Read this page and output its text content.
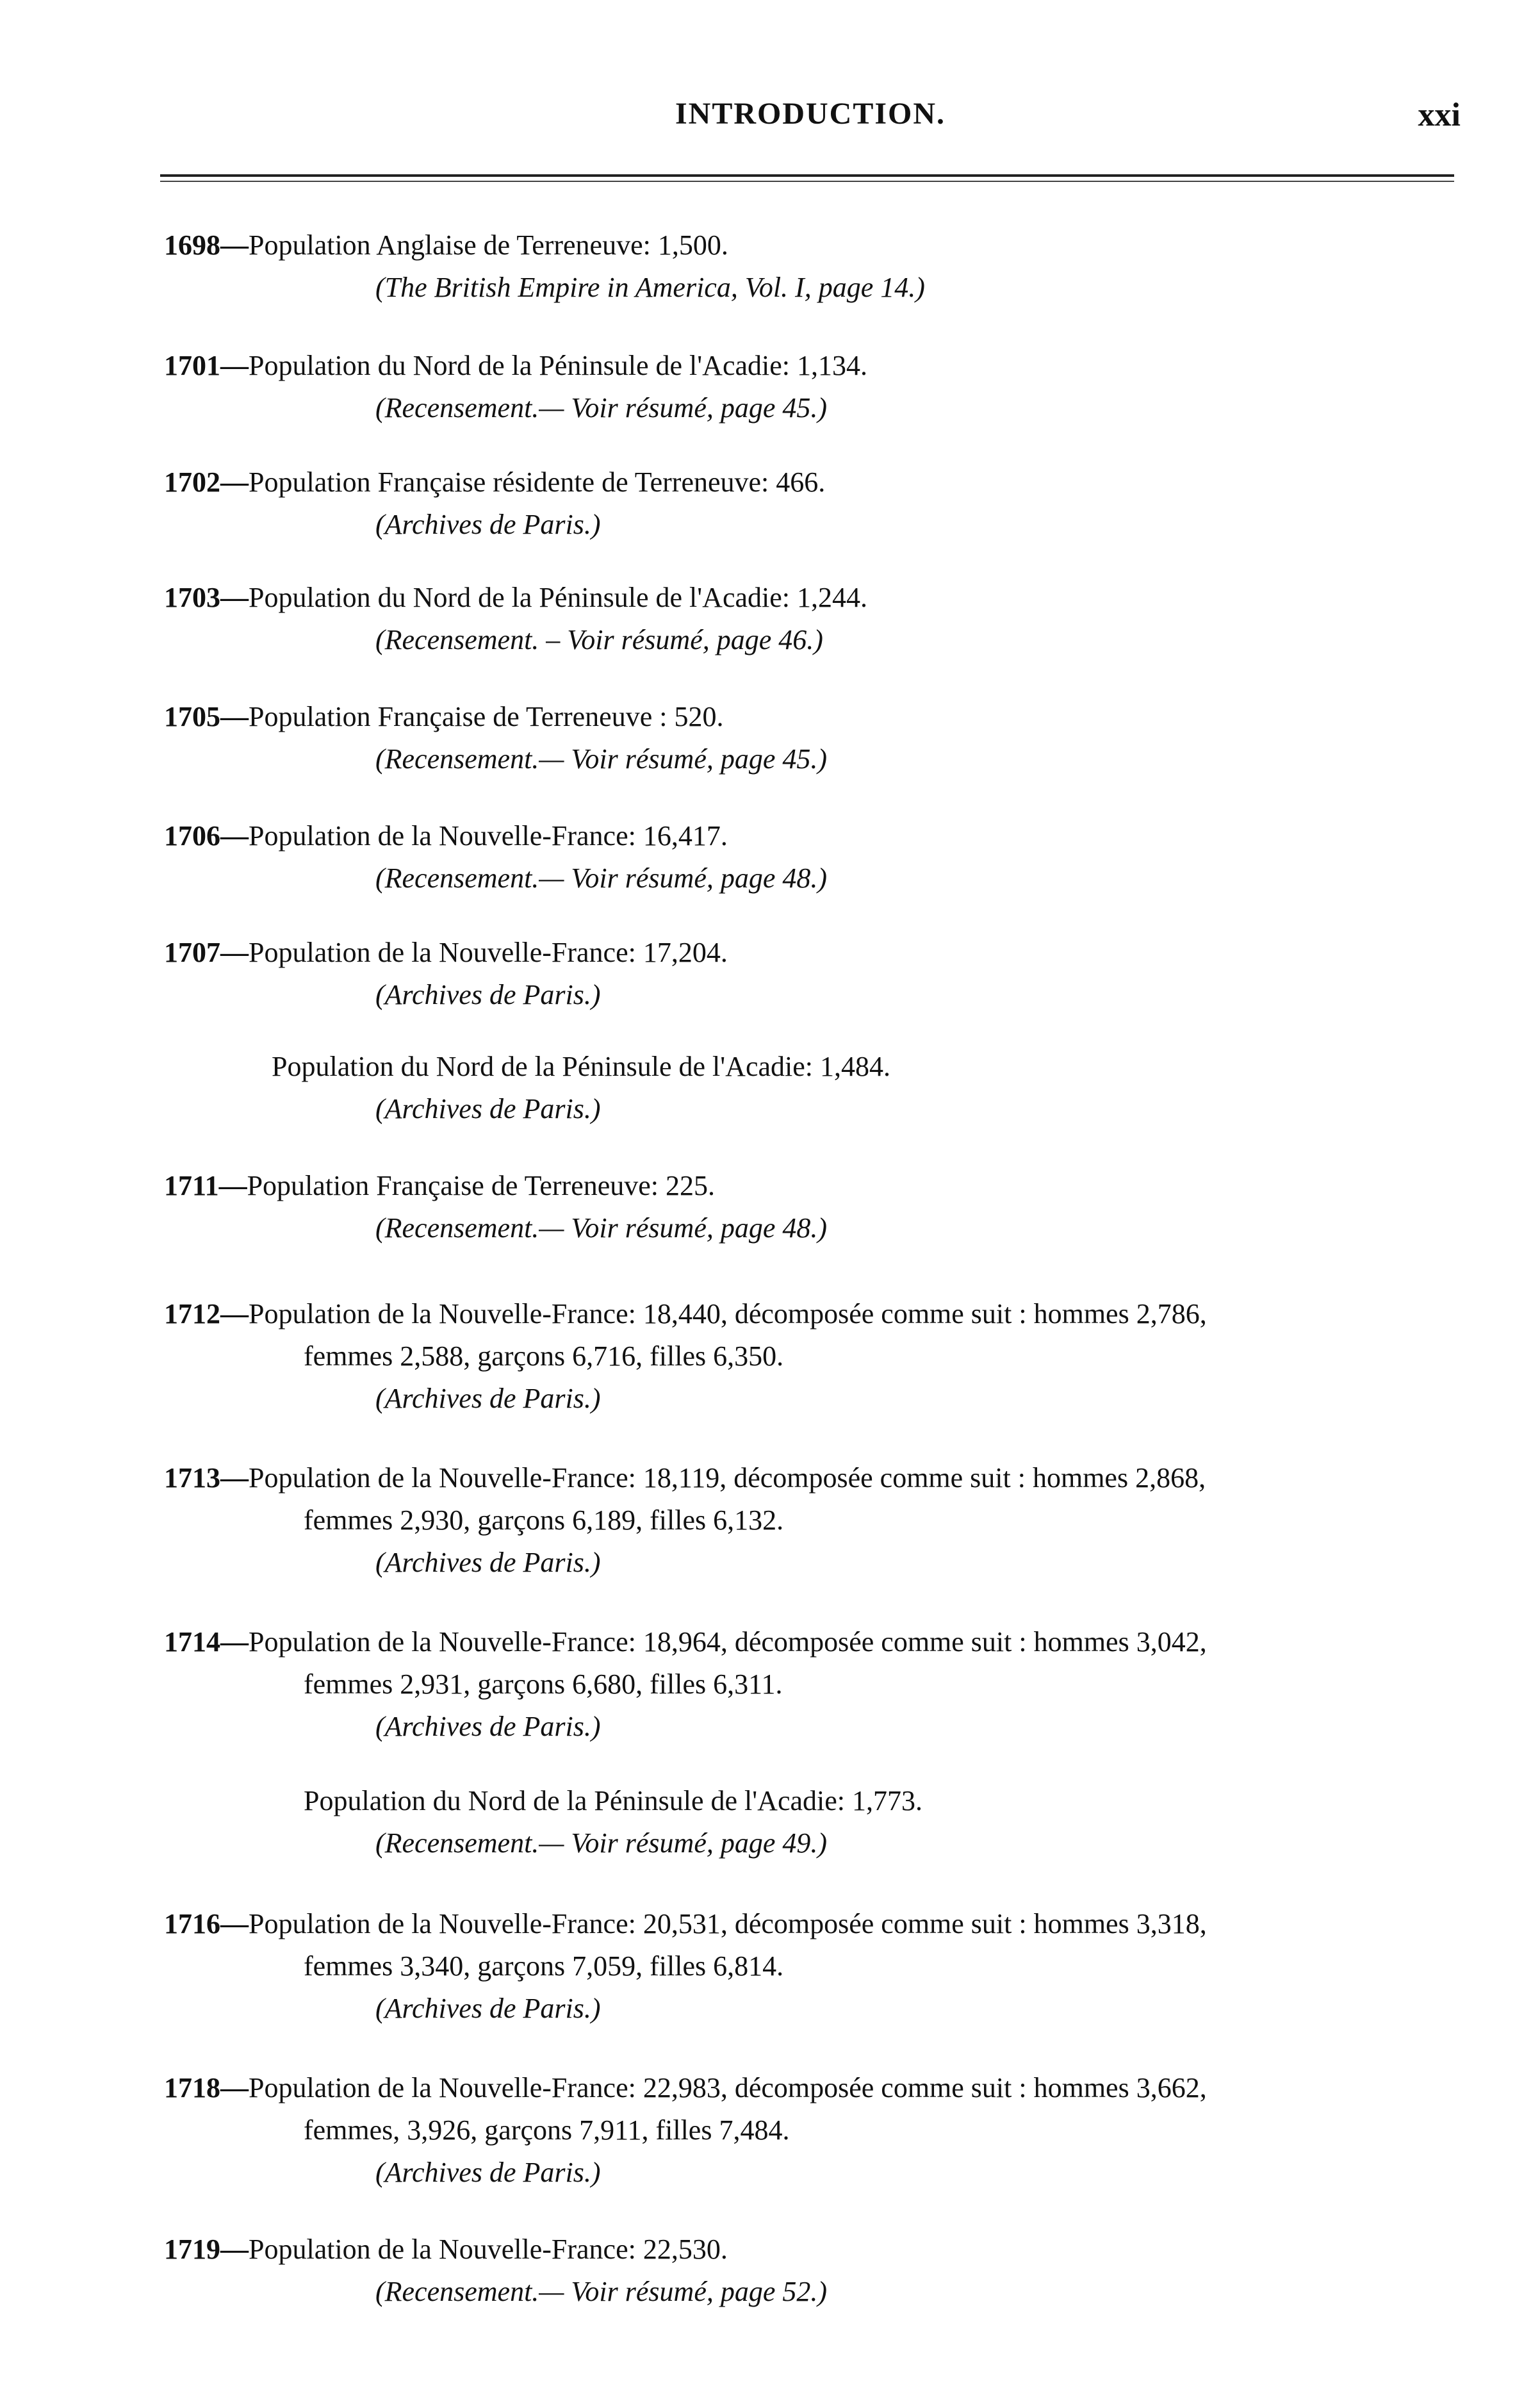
INTRODUCTION.	xxi
1698—Population Anglaise de Terreneuve: 1,500.
(The British Empire in America, Vol. I, page 14.)
1701—Population du Nord de la Péninsule de l'Acadie: 1,134.
(Recensement.— Voir résumé, page 45.)
1702—Population Française résidente de Terreneuve: 466.
(Archives de Paris.)
1703—Population du Nord de la Péninsule de l'Acadie: 1,244.
(Recensement. – Voir résumé, page 46.)
1705—Population Française de Terreneuve : 520.
(Recensement.— Voir résumé, page 45.)
1706—Population de la Nouvelle-France: 16,417.
(Recensement.— Voir résumé, page 48.)
1707—Population de la Nouvelle-France: 17,204.
(Archives de Paris.)
Population du Nord de la Péninsule de l'Acadie: 1,484.
(Archives de Paris.)
1711—Population Française de Terreneuve: 225.
(Recensement.— Voir résumé, page 48.)
1712—Population de la Nouvelle-France: 18,440, décomposée comme suit : hommes 2,786,
femmes 2,588, garçons 6,716, filles 6,350.
(Archives de Paris.)
1713—Population de la Nouvelle-France: 18,119, décomposée comme suit : hommes 2,868,
femmes 2,930, garçons 6,189, filles 6,132.
(Archives de Paris.)
1714—Population de la Nouvelle-France: 18,964, décomposée comme suit : hommes 3,042,
femmes 2,931, garçons 6,680, filles 6,311.
(Archives de Paris.)
Population du Nord de la Péninsule de l'Acadie: 1,773.
(Recensement.— Voir résumé, page 49.)
1716—Population de la Nouvelle-France: 20,531, décomposée comme suit : hommes 3,318,
femmes 3,340, garçons 7,059, filles 6,814.
(Archives de Paris.)
1718—Population de la Nouvelle-France: 22,983, décomposée comme suit : hommes 3,662,
femmes, 3,926, garçons 7,911, filles 7,484.
(Archives de Paris.)
1719—Population de la Nouvelle-France: 22,530.
(Recensement.— Voir résumé, page 52.)
